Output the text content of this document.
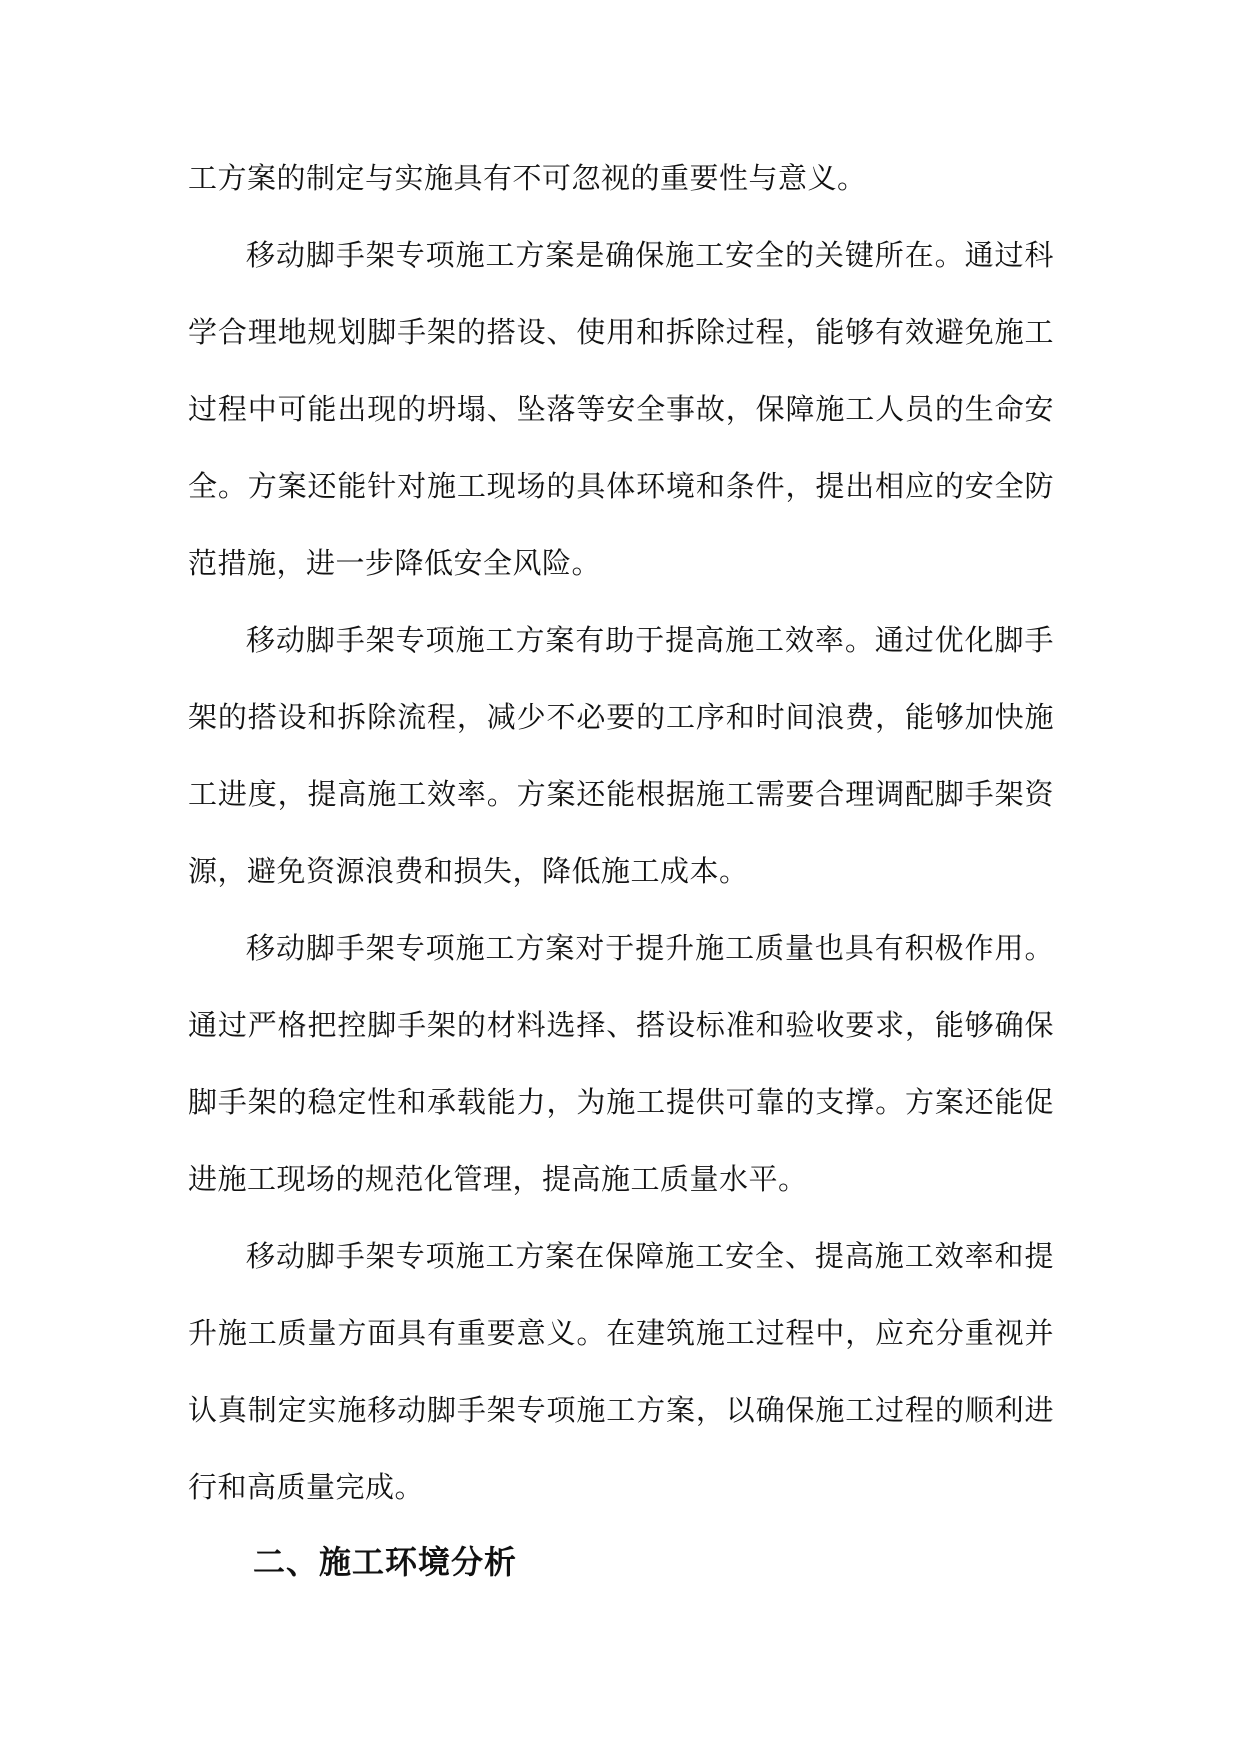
工方案的制定与实施具有不可忽视的重要性与意义。

移动脚手架专项施工方案是确保施工安全的关键所在。通过科学合理地规划脚手架的搭设、使用和拆除过程，能够有效避免施工过程中可能出现的坍塌、坠落等安全事故，保障施工人员的生命安全。方案还能针对施工现场的具体环境和条件，提出相应的安全防范措施，进一步降低安全风险。

移动脚手架专项施工方案有助于提高施工效率。通过优化脚手架的搭设和拆除流程，减少不必要的工序和时间浪费，能够加快施工进度，提高施工效率。方案还能根据施工需要合理调配脚手架资源，避免资源浪费和损失，降低施工成本。

移动脚手架专项施工方案对于提升施工质量也具有积极作用。通过严格把控脚手架的材料选择、搭设标准和验收要求，能够确保脚手架的稳定性和承载能力，为施工提供可靠的支撑。方案还能促进施工现场的规范化管理，提高施工质量水平。

移动脚手架专项施工方案在保障施工安全、提高施工效率和提升施工质量方面具有重要意义。在建筑施工过程中，应充分重视并认真制定实施移动脚手架专项施工方案，以确保施工过程的顺利进行和高质量完成。

二、施工环境分析
